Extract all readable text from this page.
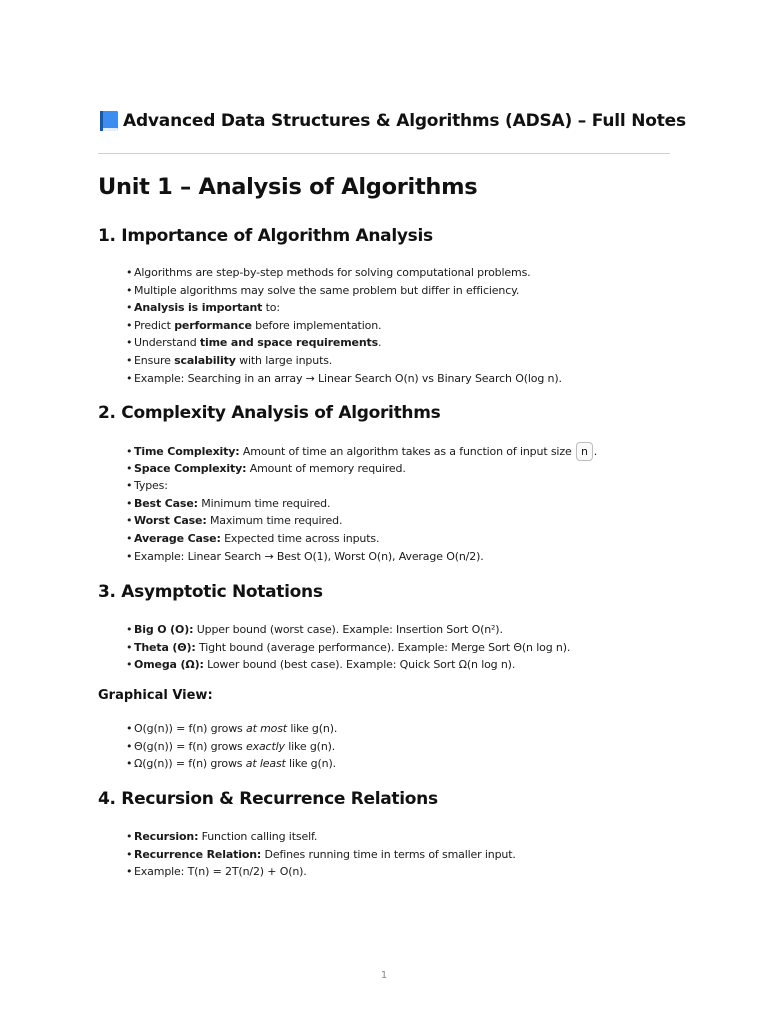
Advanced Data Structures & Algorithms (ADSA) – Full Notes
Unit 1 – Analysis of Algorithms
1. Importance of Algorithm Analysis
• Algorithms are step-by-step methods for solving computational problems.
• Multiple algorithms may solve the same problem but differ in efficiency.
• Analysis is important to:
• Predict performance before implementation.
• Understand time and space requirements.
• Ensure scalability with large inputs.
• Example: Searching in an array → Linear Search O(n) vs Binary Search O(log n).
2. Complexity Analysis of Algorithms
• Time Complexity: Amount of time an algorithm takes as a function of input size n .
• Space Complexity: Amount of memory required.
• Types:
• Best Case: Minimum time required.
• Worst Case: Maximum time required.
• Average Case: Expected time across inputs.
• Example: Linear Search → Best O(1), Worst O(n), Average O(n/2).
3. Asymptotic Notations
• Big O (O): Upper bound (worst case). Example: Insertion Sort O(n²).
• Theta (Θ): Tight bound (average performance). Example: Merge Sort Θ(n log n).
• Omega (Ω): Lower bound (best case). Example: Quick Sort Ω(n log n).
Graphical View:
• O(g(n)) = f(n) grows at most like g(n).
• Θ(g(n)) = f(n) grows exactly like g(n).
• Ω(g(n)) = f(n) grows at least like g(n).
4. Recursion & Recurrence Relations
• Recursion: Function calling itself.
• Recurrence Relation: Defines running time in terms of smaller input.
• Example: T(n) = 2T(n/2) + O(n).
1
